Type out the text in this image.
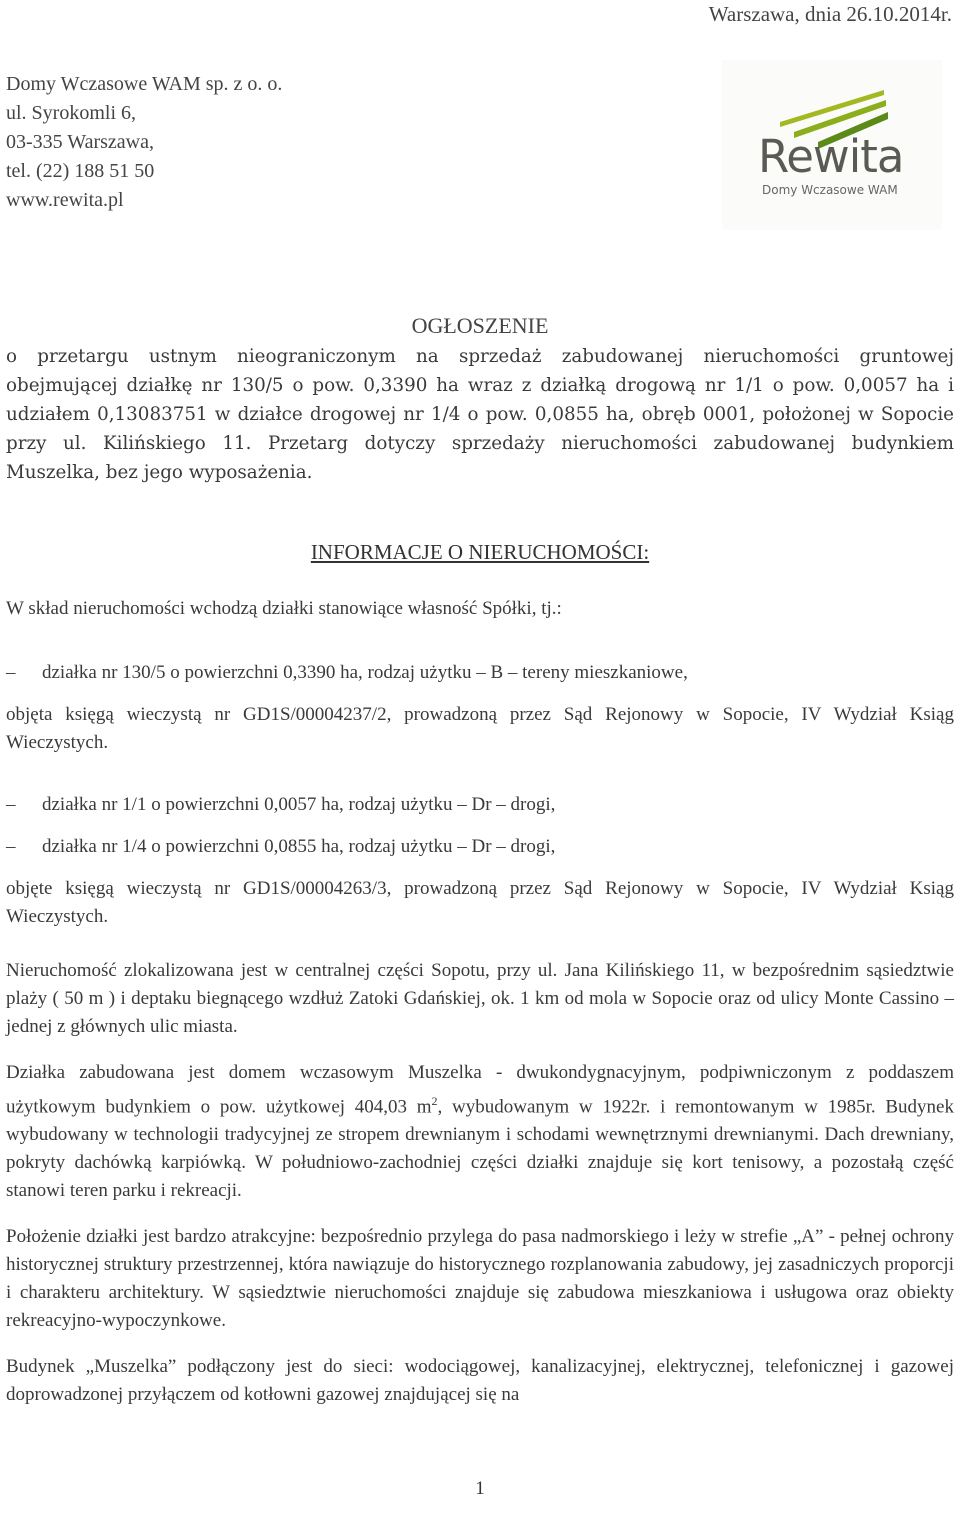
Warszawa, dnia 26.10.2014r.
Domy Wczasowe WAM sp. z o. o.
ul. Syrokomli 6,
03-335 Warszawa,
tel. (22) 188 51 50
www.rewita.pl
Rewita
Domy Wczasowe WAM
OGŁOSZENIE

o przetargu ustnym nieograniczonym na sprzedaż zabudowanej nieruchomości gruntowej obejmującej działkę nr 130/5 o pow. 0,3390 ha wraz z działką drogową nr 1/1 o pow. 0,0057 ha i udziałem 0,13083751 w działce drogowej nr 1/4 o pow. 0,0855 ha, obręb 0001, położonej w Sopocie przy ul. Kilińskiego 11. Przetarg dotyczy sprzedaży nieruchomości zabudowanej budynkiem Muszelka, bez jego wyposażenia.

INFORMACJE O NIERUCHOMOŚCI:

W skład nieruchomości wchodzą działki stanowiące własność Spółki, tj.:

–	działka nr 130/5 o powierzchni 0,3390 ha, rodzaj użytku – B – tereny mieszkaniowe,

objęta księgą wieczystą nr GD1S/00004237/2, prowadzoną przez Sąd Rejonowy w Sopocie, IV Wydział Ksiąg Wieczystych.

–	działka nr 1/1 o powierzchni 0,0057 ha, rodzaj użytku – Dr – drogi,
–	działka nr 1/4 o powierzchni 0,0855 ha, rodzaj użytku – Dr – drogi,

objęte księgą wieczystą nr GD1S/00004263/3, prowadzoną przez Sąd Rejonowy w Sopocie, IV Wydział Ksiąg Wieczystych.

Nieruchomość zlokalizowana jest w centralnej części Sopotu, przy ul. Jana Kilińskiego 11, w bezpośrednim sąsiedztwie plaży ( 50 m ) i deptaku biegnącego wzdłuż Zatoki Gdańskiej, ok. 1 km od mola w Sopocie oraz od ulicy Monte Cassino – jednej z głównych ulic miasta.

Działka zabudowana jest domem wczasowym Muszelka - dwukondygnacyjnym, podpiwniczonym z poddaszem użytkowym budynkiem o pow. użytkowej 404,03 $m^2$, wybudowanym w 1922r. i remontowanym w 1985r. Budynek wybudowany w technologii tradycyjnej ze stropem drewnianym i schodami wewnętrznymi drewnianymi. Dach drewniany, pokryty dachówką karpiówką. W południowo-zachodniej części działki znajduje się kort tenisowy, a pozostałą część stanowi teren parku i rekreacji.

Położenie działki jest bardzo atrakcyjne: bezpośrednio przylega do pasa nadmorskiego i leży w strefie „A” - pełnej ochrony historycznej struktury przestrzennej, która nawiązuje do historycznego rozplanowania zabudowy, jej zasadniczych proporcji i charakteru architektury. W sąsiedztwie nieruchomości znajduje się zabudowa mieszkaniowa i usługowa oraz obiekty rekreacyjno-wypoczynkowe.

Budynek „Muszelka” podłączony jest do sieci: wodociągowej, kanalizacyjnej, elektrycznej, telefonicznej i gazowej doprowadzonej przyłączem od kotłowni gazowej znajdującej się na

1
